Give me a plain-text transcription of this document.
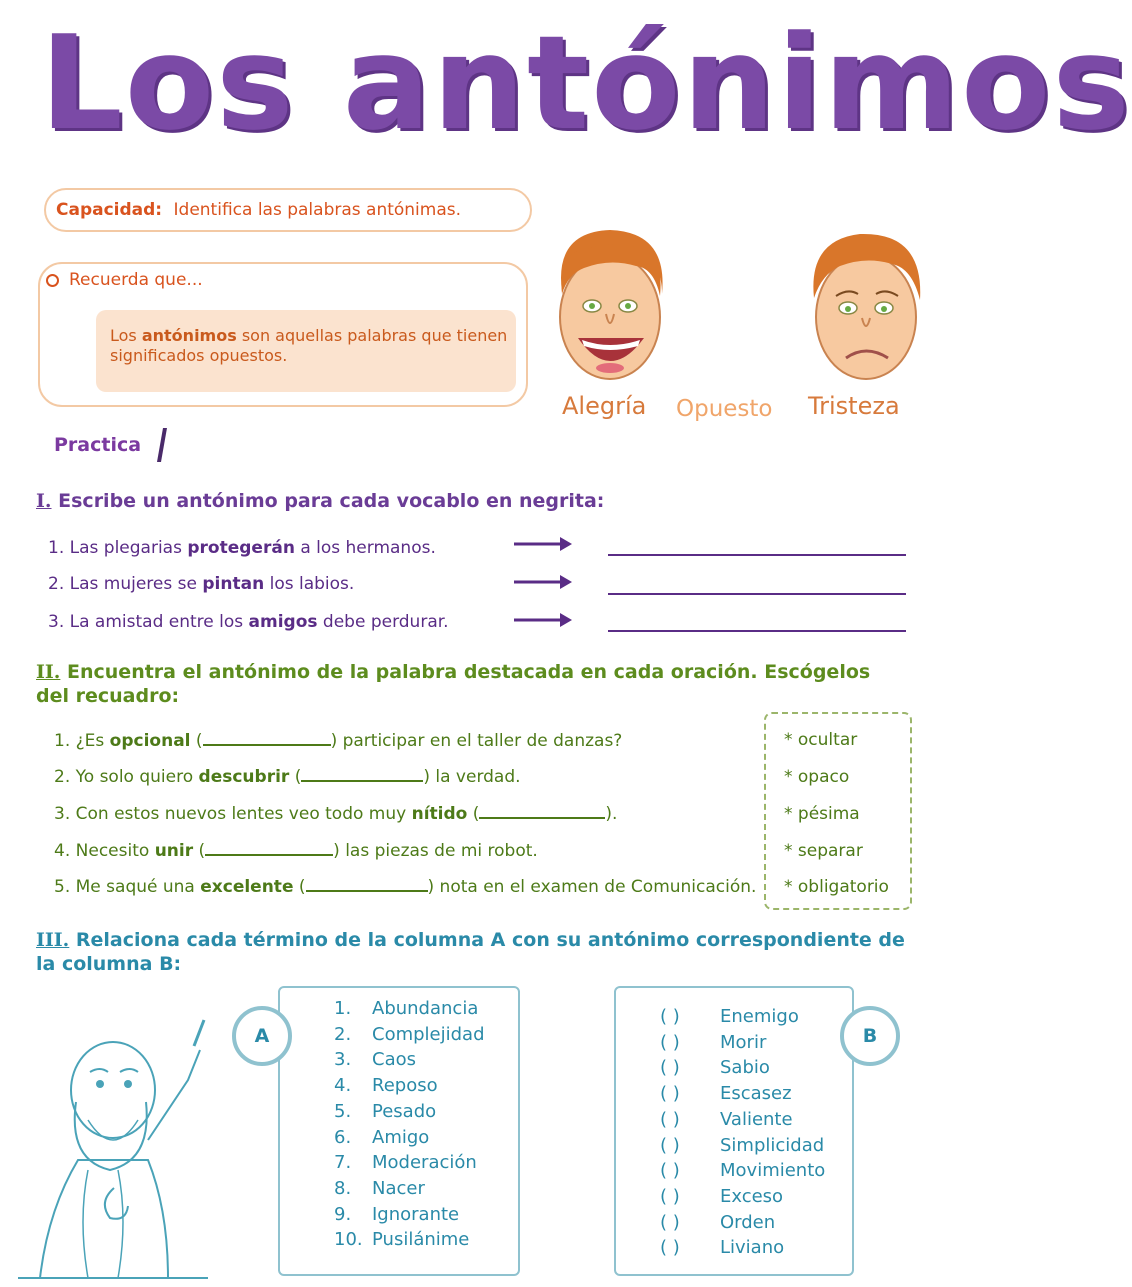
Los antónimos
Capacidad: Identifica las palabras antónimas.
Recuerda que...
Los antónimos son aquellas palabras que tienen significados opuestos.
Alegría Opuesto Tristeza
Practica
I. Escribe un antónimo para cada vocablo en negrita:
1. Las plegarias protegerán a los hermanos.
2. Las mujeres se pintan los labios.
3. La amistad entre los amigos debe perdurar.
II. Encuentra el antónimo de la palabra destacada en cada oración. Escógelos del recuadro:
1. ¿Es opcional (	) participar en el taller de danzas?
2. Yo solo quiero descubrir (	) la verdad.
3. Con estos nuevos lentes veo todo muy nítido (	).
4. Necesito unir (	) las piezas de mi robot.
5. Me saqué una excelente (	) nota en el examen de Comunicación.
* ocultar
* opaco
* pésima
* separar
* obligatorio
III. Relaciona cada término de la columna A con su antónimo correspondiente de la columna B:
A	B
1. Abundancia
2. Complejidad
3. Caos
4. Reposo
5. Pesado
6. Amigo
7. Moderación
8. Nacer
9. Ignorante
10. Pusilánime
( ) Enemigo
( ) Morir
( ) Sabio
( ) Escasez
( ) Valiente
( ) Simplicidad
( ) Movimiento
( ) Exceso
( ) Orden
( ) Liviano
